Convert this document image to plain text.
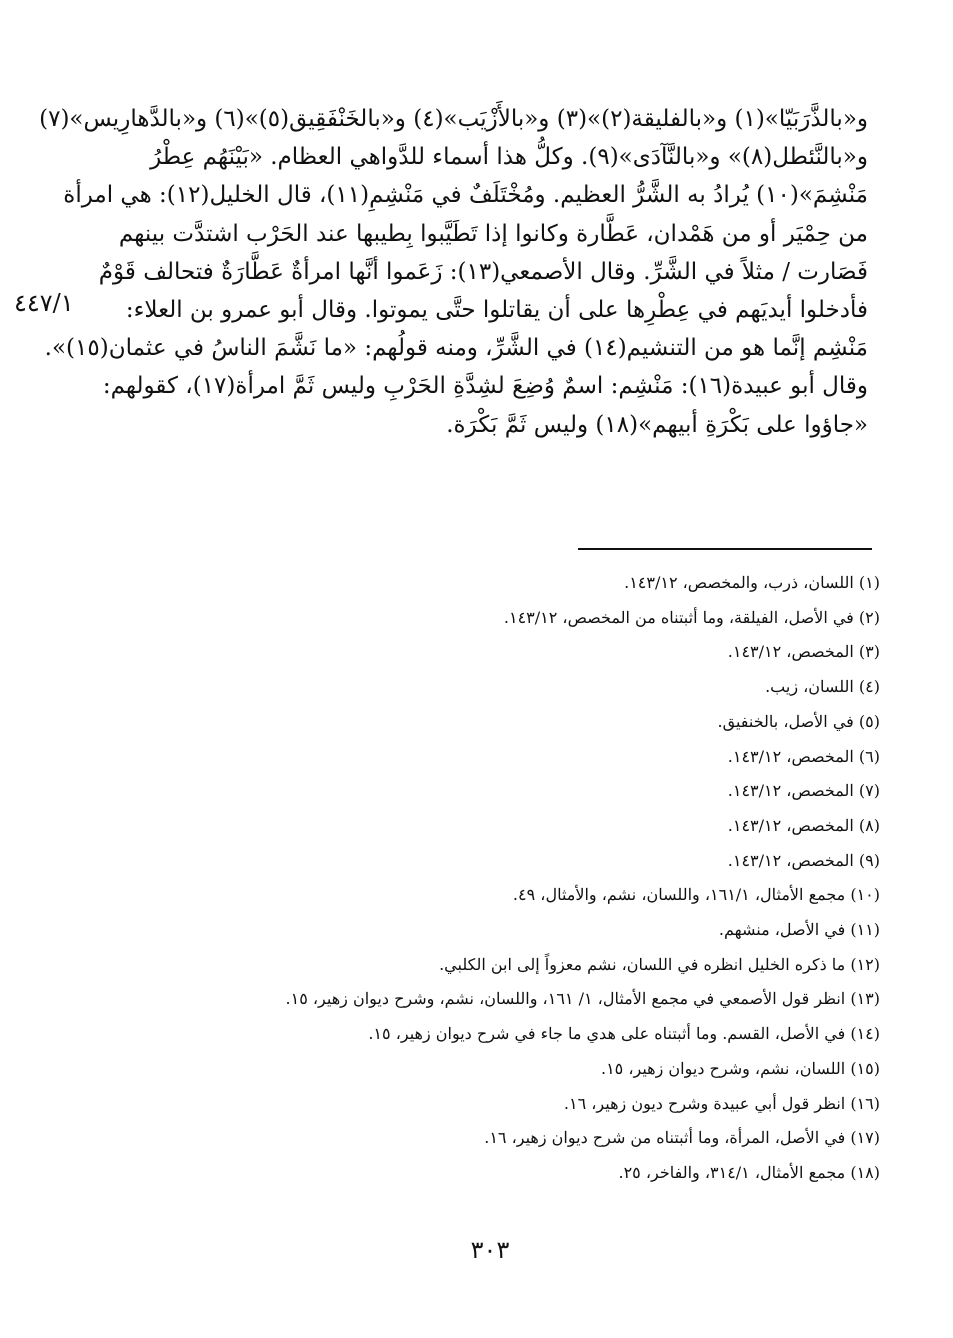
و«بالذَّرَبَيّا»(١) و«بالفليقة(٢)»(٣) و«بالأَزْيَب»(٤) و«بالخَنْفَقِيق(٥)»(٦) و«بالدَّهارِيس»(٧)

و«بالنَّئطل(٨)» و«بالنَّآدَى»(٩). وكلُّ هذا أسماء للدَّواهي العظام. «بَيْنَهُم عِطْرُ

مَنْشِمَ»(١٠) يُرادُ به الشَّرُّ العظيم. ومُخْتَلَفٌ في مَنْشِمِ(١١)، قال الخليل(١٢): هي امرأة

من حِمْيَر أو من هَمْدان، عَطَّارة وكانوا إذا تَطَيَّبوا بِطيبها عند الحَرْب اشتدَّت بينهم

فَصَارت / مثلاً في الشَّرِّ. وقال الأصمعي(١٣): زَعَموا أنَّها امرأةٌ عَطَّارَةٌ فتحالف قَوْمٌ

فأدخلوا أيديَهم في عِطْرِها على أن يقاتلوا حتَّى يموتوا. وقال أبو عمرو بن العلاء:

مَنْشِم إنَّما هو من التنشيم(١٤) في الشَّرِّ، ومنه قولُهم: «ما نَشَّمَ الناسُ في عثمان(١٥)».

وقال أبو عبيدة(١٦): مَنْشِم: اسمٌ وُضِعَ لشِدَّةِ الحَرْبِ وليس ثَمَّ امرأة(١٧)، كقولهم:

«جاؤوا على بَكْرَةِ أبيهم»(١٨) وليس ثَمَّ بَكْرَة.

٤٤٧/١
(١) اللسان، ذرب، والمخصص، ١٤٣/١٢.
(٢) في الأصل، الفيلقة، وما أثبتناه من المخصص، ١٤٣/١٢.
(٣) المخصص، ١٤٣/١٢.
(٤) اللسان، زيب.
(٥) في الأصل، بالخنفيق.
(٦) المخصص، ١٤٣/١٢.
(٧) المخصص، ١٤٣/١٢.
(٨) المخصص، ١٤٣/١٢.
(٩) المخصص، ١٤٣/١٢.
(١٠) مجمع الأمثال، ١٦١/١، واللسان، نشم، والأمثال، ٤٩.
(١١) في الأصل، منشهم.
(١٢) ما ذكره الخليل انظره في اللسان، نشم معزواً إلى ابن الكلبي.
(١٣) انظر قول الأصمعي في مجمع الأمثال، ١/ ١٦١، واللسان، نشم، وشرح ديوان زهير، ١٥.
(١٤) في الأصل، القسم. وما أثبتناه على هدي ما جاء في شرح ديوان زهير، ١٥.
(١٥) اللسان، نشم، وشرح ديوان زهير، ١٥.
(١٦) انظر قول أبي عبيدة وشرح ديون زهير، ١٦.
(١٧) في الأصل، المرأة، وما أثبتناه من شرح ديوان زهير، ١٦.
(١٨) مجمع الأمثال، ٣١٤/١، والفاخر، ٢٥.
٣٠٣
